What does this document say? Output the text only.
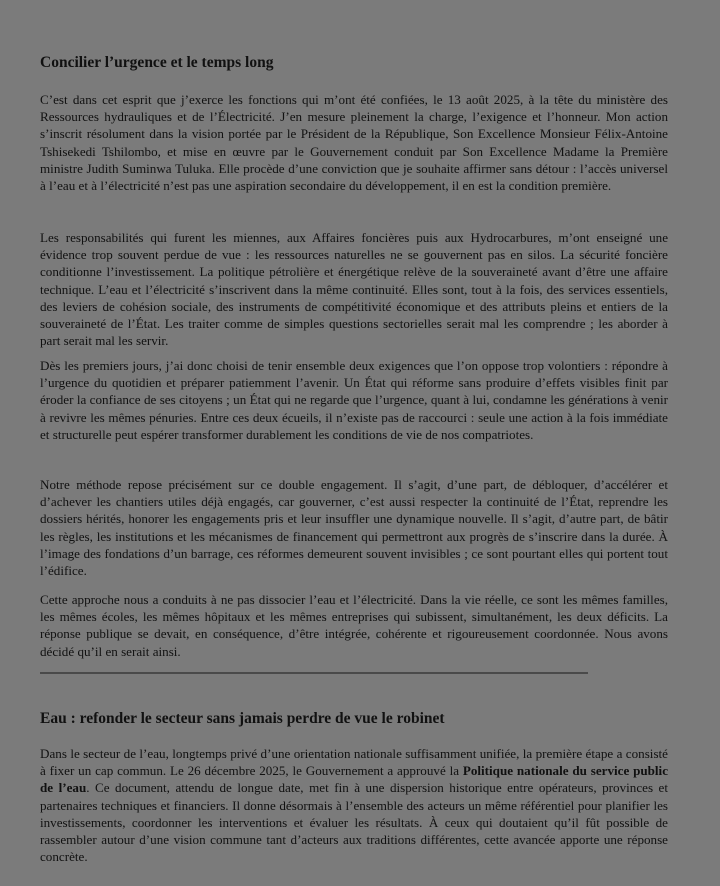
Concilier l’urgence et le temps long

C’est dans cet esprit que j’exerce les fonctions qui m’ont été confiées, le 13 août 2025, à la tête du ministère des Ressources hydrauliques et de l’Électricité. J’en mesure pleinement la charge, l’exigence et l’honneur. Mon action s’inscrit résolument dans la vision portée par le Président de la République, Son Excellence Monsieur Félix-Antoine Tshisekedi Tshilombo, et mise en œuvre par le Gouvernement conduit par Son Excellence Madame la Première ministre Judith Suminwa Tuluka. Elle procède d’une conviction que je souhaite affirmer sans détour : l’accès universel à l’eau et à l’électricité n’est pas une aspiration secondaire du développement, il en est la condition première.

Les responsabilités qui furent les miennes, aux Affaires foncières puis aux Hydrocarbures, m’ont enseigné une évidence trop souvent perdue de vue : les ressources naturelles ne se gouvernent pas en silos. La sécurité foncière conditionne l’investissement. La politique pétrolière et énergétique relève de la souveraineté avant d’être une affaire technique. L’eau et l’électricité s’inscrivent dans la même continuité. Elles sont, tout à la fois, des services essentiels, des leviers de cohésion sociale, des instruments de compétitivité économique et des attributs pleins et entiers de la souveraineté de l’État. Les traiter comme de simples questions sectorielles serait mal les comprendre ; les aborder à part serait mal les servir.

Dès les premiers jours, j’ai donc choisi de tenir ensemble deux exigences que l’on oppose trop volontiers : répondre à l’urgence du quotidien et préparer patiemment l’avenir. Un État qui réforme sans produire d’effets visibles finit par éroder la confiance de ses citoyens ; un État qui ne regarde que l’urgence, quant à lui, condamne les générations à venir à revivre les mêmes pénuries. Entre ces deux écueils, il n’existe pas de raccourci : seule une action à la fois immédiate et structurelle peut espérer transformer durablement les conditions de vie de nos compatriotes.

Notre méthode repose précisément sur ce double engagement. Il s’agit, d’une part, de débloquer, d’accélérer et d’achever les chantiers utiles déjà engagés, car gouverner, c’est aussi respecter la continuité de l’État, reprendre les dossiers hérités, honorer les engagements pris et leur insuffler une dynamique nouvelle. Il s’agit, d’autre part, de bâtir les règles, les institutions et les mécanismes de financement qui permettront aux progrès de s’inscrire dans la durée. À l’image des fondations d’un barrage, ces réformes demeurent souvent invisibles ; ce sont pourtant elles qui portent tout l’édifice.

Cette approche nous a conduits à ne pas dissocier l’eau et l’électricité. Dans la vie réelle, ce sont les mêmes familles, les mêmes écoles, les mêmes hôpitaux et les mêmes entreprises qui subissent, simultanément, les deux déficits. La réponse publique se devait, en conséquence, d’être intégrée, cohérente et rigoureusement coordonnée. Nous avons décidé qu’il en serait ainsi.

Eau : refonder le secteur sans jamais perdre de vue le robinet

Dans le secteur de l’eau, longtemps privé d’une orientation nationale suffisamment unifiée, la première étape a consisté à fixer un cap commun. Le 26 décembre 2025, le Gouvernement a approuvé la Politique nationale du service public de l’eau. Ce document, attendu de longue date, met fin à une dispersion historique entre opérateurs, provinces et partenaires techniques et financiers. Il donne désormais à l’ensemble des acteurs un même référentiel pour planifier les investissements, coordonner les interventions et évaluer les résultats. À ceux qui doutaient qu’il fût possible de rassembler autour d’une vision commune tant d’acteurs aux traditions différentes, cette avancée apporte une réponse concrète.
